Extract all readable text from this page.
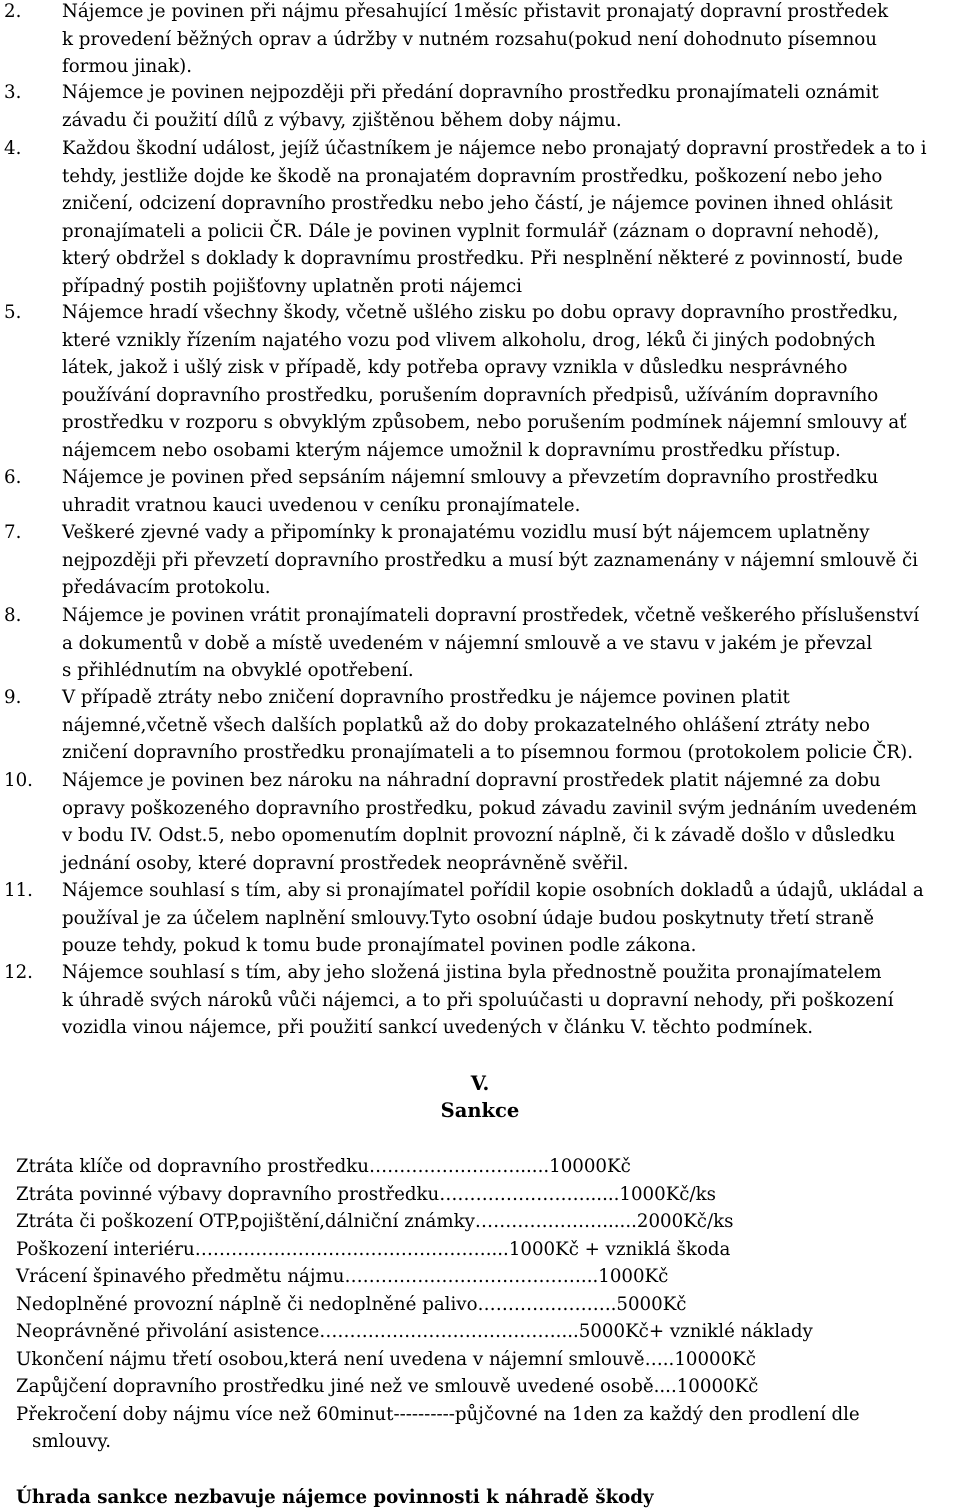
2.	Nájemce je povinen při nájmu přesahující 1měsíc přistavit pronajatý dopravní prostředek
k provedení běžných oprav a údržby v nutném rozsahu(pokud není dohodnuto písemnou
formou jinak).
3.	Nájemce je povinen nejpozději při předání dopravního prostředku pronajímateli oznámit
závadu či použití dílů z výbavy, zjištěnou během doby nájmu.
4.	Každou škodní událost, jejíž účastníkem je nájemce nebo pronajatý dopravní prostředek a to i
tehdy, jestliže dojde ke škodě na pronajatém dopravním prostředku, poškození nebo jeho
zničení, odcizení dopravního prostředku nebo jeho částí, je nájemce povinen ihned ohlásit
pronajímateli a policii ČR. Dále je povinen vyplnit formulář (záznam o dopravní nehodě),
který obdržel s doklady k dopravnímu prostředku. Při nesplnění některé z povinností, bude
případný postih pojišťovny uplatněn proti nájemci
5.	Nájemce hradí všechny škody, včetně ušlého zisku po dobu opravy dopravního prostředku,
které vznikly řízením najatého vozu pod vlivem alkoholu, drog, léků či jiných podobných
látek, jakož i ušlý zisk v případě, kdy potřeba opravy vznikla v důsledku nesprávného
používání dopravního prostředku, porušením dopravních předpisů, užíváním dopravního
prostředku v rozporu s obvyklým způsobem, nebo porušením podmínek nájemní smlouvy ať
nájemcem nebo osobami kterým nájemce umožnil k dopravnímu prostředku přístup.
6.	Nájemce je povinen před sepsáním nájemní smlouvy a převzetím dopravního prostředku
uhradit vratnou kauci uvedenou v ceníku pronajímatele.
7.	Veškeré zjevné vady a připomínky k pronajatému vozidlu musí být nájemcem uplatněny
nejpozději při převzetí dopravního prostředku a musí být zaznamenány v nájemní smlouvě či
předávacím protokolu.
8.	Nájemce je povinen vrátit pronajímateli dopravní prostředek, včetně veškerého příslušenství
a dokumentů v době a místě uvedeném v nájemní smlouvě a ve stavu v jakém je převzal
s přihlédnutím na obvyklé opotřebení.
9.	V případě ztráty nebo zničení dopravního prostředku je nájemce povinen platit
nájemné,včetně všech dalších poplatků až do doby prokazatelného ohlášení ztráty nebo
zničení dopravního prostředku pronajímateli a to písemnou formou (protokolem policie ČR).
10.	Nájemce je povinen bez nároku na náhradní dopravní prostředek platit nájemné za dobu
opravy poškozeného dopravního prostředku, pokud závadu zavinil svým jednáním uvedeném
v bodu IV. Odst.5, nebo opomenutím doplnit provozní náplně, či k závadě došlo v důsledku
jednání osoby, které dopravní prostředek neoprávněně svěřil.
11.	Nájemce souhlasí s tím, aby si pronajímatel pořídil kopie osobních dokladů a údajů, ukládal a
používal je za účelem naplnění smlouvy.Tyto osobní údaje budou poskytnuty třetí straně
pouze tehdy, pokud k tomu bude pronajímatel povinen podle zákona.
12.	Nájemce souhlasí s tím, aby jeho složená jistina byla přednostně použita pronajímatelem
k úhradě svých nároků vůči nájemci, a to při spoluúčasti u dopravní nehody, při poškození
vozidla vinou nájemce, při použití sankcí uvedených v článku V. těchto podmínek.
V.
Sankce
Ztráta klíče od dopravního prostředku……………………......10000Kč
Ztráta povinné výbavy dopravního prostředku……………………......1000Kč/ks
Ztráta či poškození OTP,pojištění,dálniční známky…………………......2000Kč/ks
Poškození interiéru…………………………………………....1000Kč + vzniklá škoda
Vrácení špinavého předmětu nájmu…………………………………...1000Kč
Nedoplněné provozní náplně či nedoplněné palivo…………………..5000Kč
Neoprávněné přivolání asistence…………………………………....5000Kč+ vzniklé náklady
Ukončení nájmu třetí osobou,která není uvedena v nájemní smlouvě…..10000Kč
Zapůjčení dopravního prostředku jiné než ve smlouvě uvedené osobě....10000Kč
Překročení doby nájmu více než 60minut----------půjčovné na 1den za každý den prodlení dle
smlouvy.
Úhrada sankce nezbavuje nájemce povinnosti k náhradě škody
